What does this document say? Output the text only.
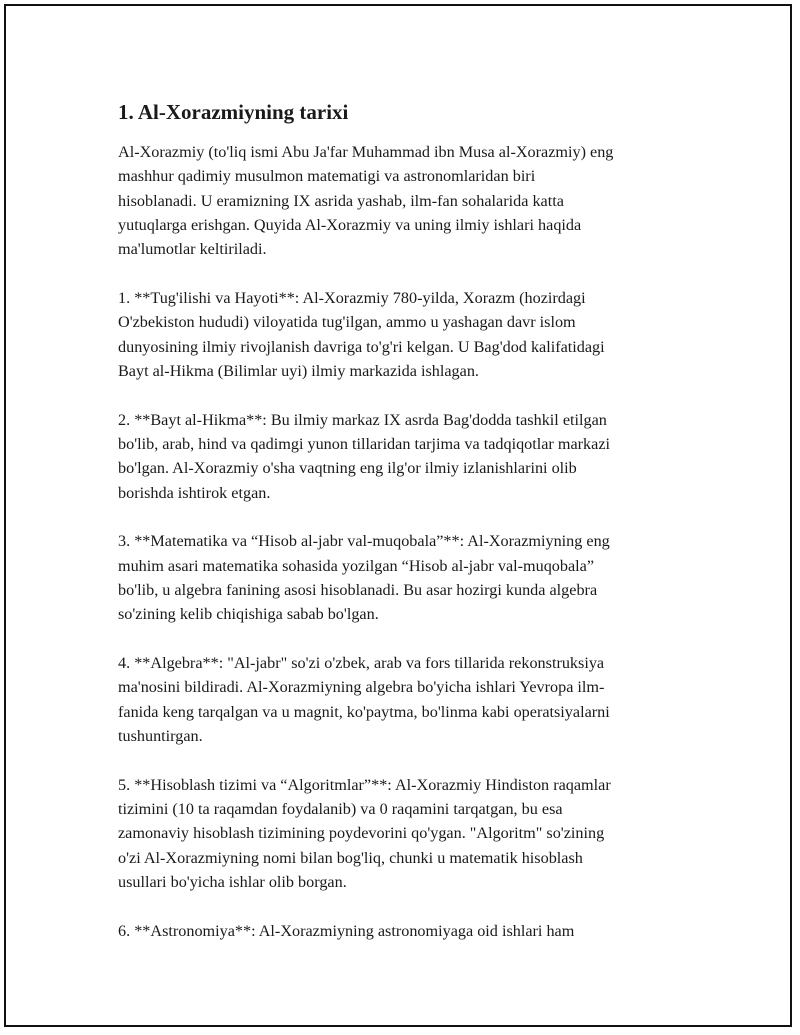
1. Al-Xorazmiyning tarixi

Al-Xorazmiy (to'liq ismi Abu Ja'far Muhammad ibn Musa al-Xorazmiy) eng
mashhur qadimiy musulmon matematigi va astronomlaridan biri
hisoblanadi. U eramizning IX asrida yashab, ilm-fan sohalarida katta
yutuqlarga erishgan. Quyida Al-Xorazmiy va uning ilmiy ishlari haqida
ma'lumotlar keltiriladi.

1. **Tug'ilishi va Hayoti**: Al-Xorazmiy 780-yilda, Xorazm (hozirdagi
O'zbekiston hududi) viloyatida tug'ilgan, ammo u yashagan davr islom
dunyosining ilmiy rivojlanish davriga to'g'ri kelgan. U Bag'dod kalifatidagi
Bayt al-Hikma (Bilimlar uyi) ilmiy markazida ishlagan.

2. **Bayt al-Hikma**: Bu ilmiy markaz IX asrda Bag'dodda tashkil etilgan
bo'lib, arab, hind va qadimgi yunon tillaridan tarjima va tadqiqotlar markazi
bo'lgan. Al-Xorazmiy o'sha vaqtning eng ilg'or ilmiy izlanishlarini olib
borishda ishtirok etgan.

3. **Matematika va “Hisob al-jabr val-muqobala”**: Al-Xorazmiyning eng
muhim asari matematika sohasida yozilgan “Hisob al-jabr val-muqobala”
bo'lib, u algebra fanining asosi hisoblanadi. Bu asar hozirgi kunda algebra
so'zining kelib chiqishiga sabab bo'lgan.

4. **Algebra**: "Al-jabr" so'zi o'zbek, arab va fors tillarida rekonstruksiya
ma'nosini bildiradi. Al-Xorazmiyning algebra bo'yicha ishlari Yevropa ilm-
fanida keng tarqalgan va u magnit, ko'paytma, bo'linma kabi operatsiyalarni
tushuntirgan.

5. **Hisoblash tizimi va “Algoritmlar”**: Al-Xorazmiy Hindiston raqamlar
tizimini (10 ta raqamdan foydalanib) va 0 raqamini tarqatgan, bu esa
zamonaviy hisoblash tizimining poydevorini qo'ygan. "Algoritm" so'zining
o'zi Al-Xorazmiyning nomi bilan bog'liq, chunki u matematik hisoblash
usullari bo'yicha ishlar olib borgan.

6. **Astronomiya**: Al-Xorazmiyning astronomiyaga oid ishlari ham
